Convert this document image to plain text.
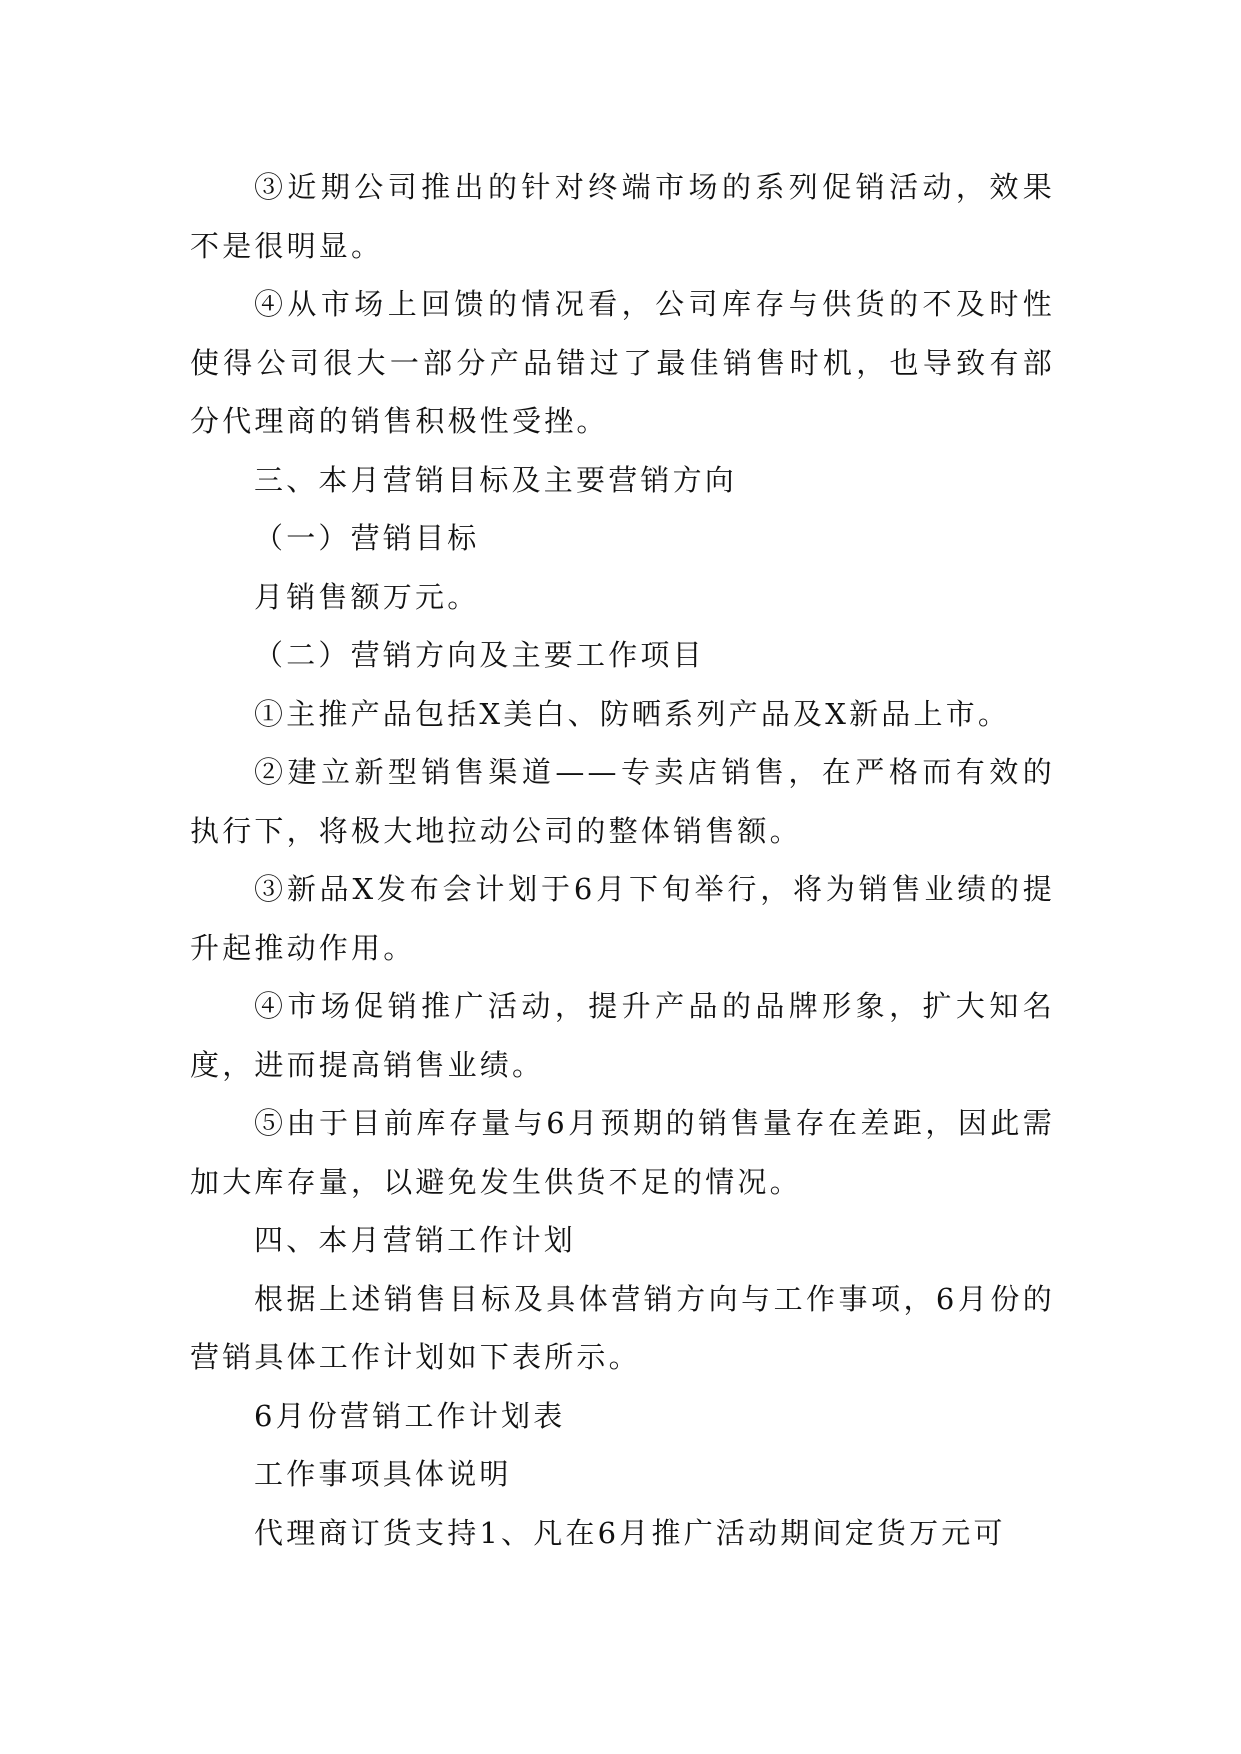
③近期公司推出的针对终端市场的系列促销活动，效果不是很明显。

④从市场上回馈的情况看，公司库存与供货的不及时性使得公司很大一部分产品错过了最佳销售时机，也导致有部分代理商的销售积极性受挫。

三、本月营销目标及主要营销方向

（一）营销目标

月销售额万元。

（二）营销方向及主要工作项目

①主推产品包括X美白、防晒系列产品及X新品上市。

②建立新型销售渠道——专卖店销售，在严格而有效的执行下，将极大地拉动公司的整体销售额。

③新品X发布会计划于6月下旬举行，将为销售业绩的提升起推动作用。

④市场促销推广活动，提升产品的品牌形象，扩大知名度，进而提高销售业绩。

⑤由于目前库存量与6月预期的销售量存在差距，因此需加大库存量，以避免发生供货不足的情况。

四、本月营销工作计划

根据上述销售目标及具体营销方向与工作事项，6月份的营销具体工作计划如下表所示。

6月份营销工作计划表

工作事项具体说明

代理商订货支持1、凡在6月推广活动期间定货万元可
